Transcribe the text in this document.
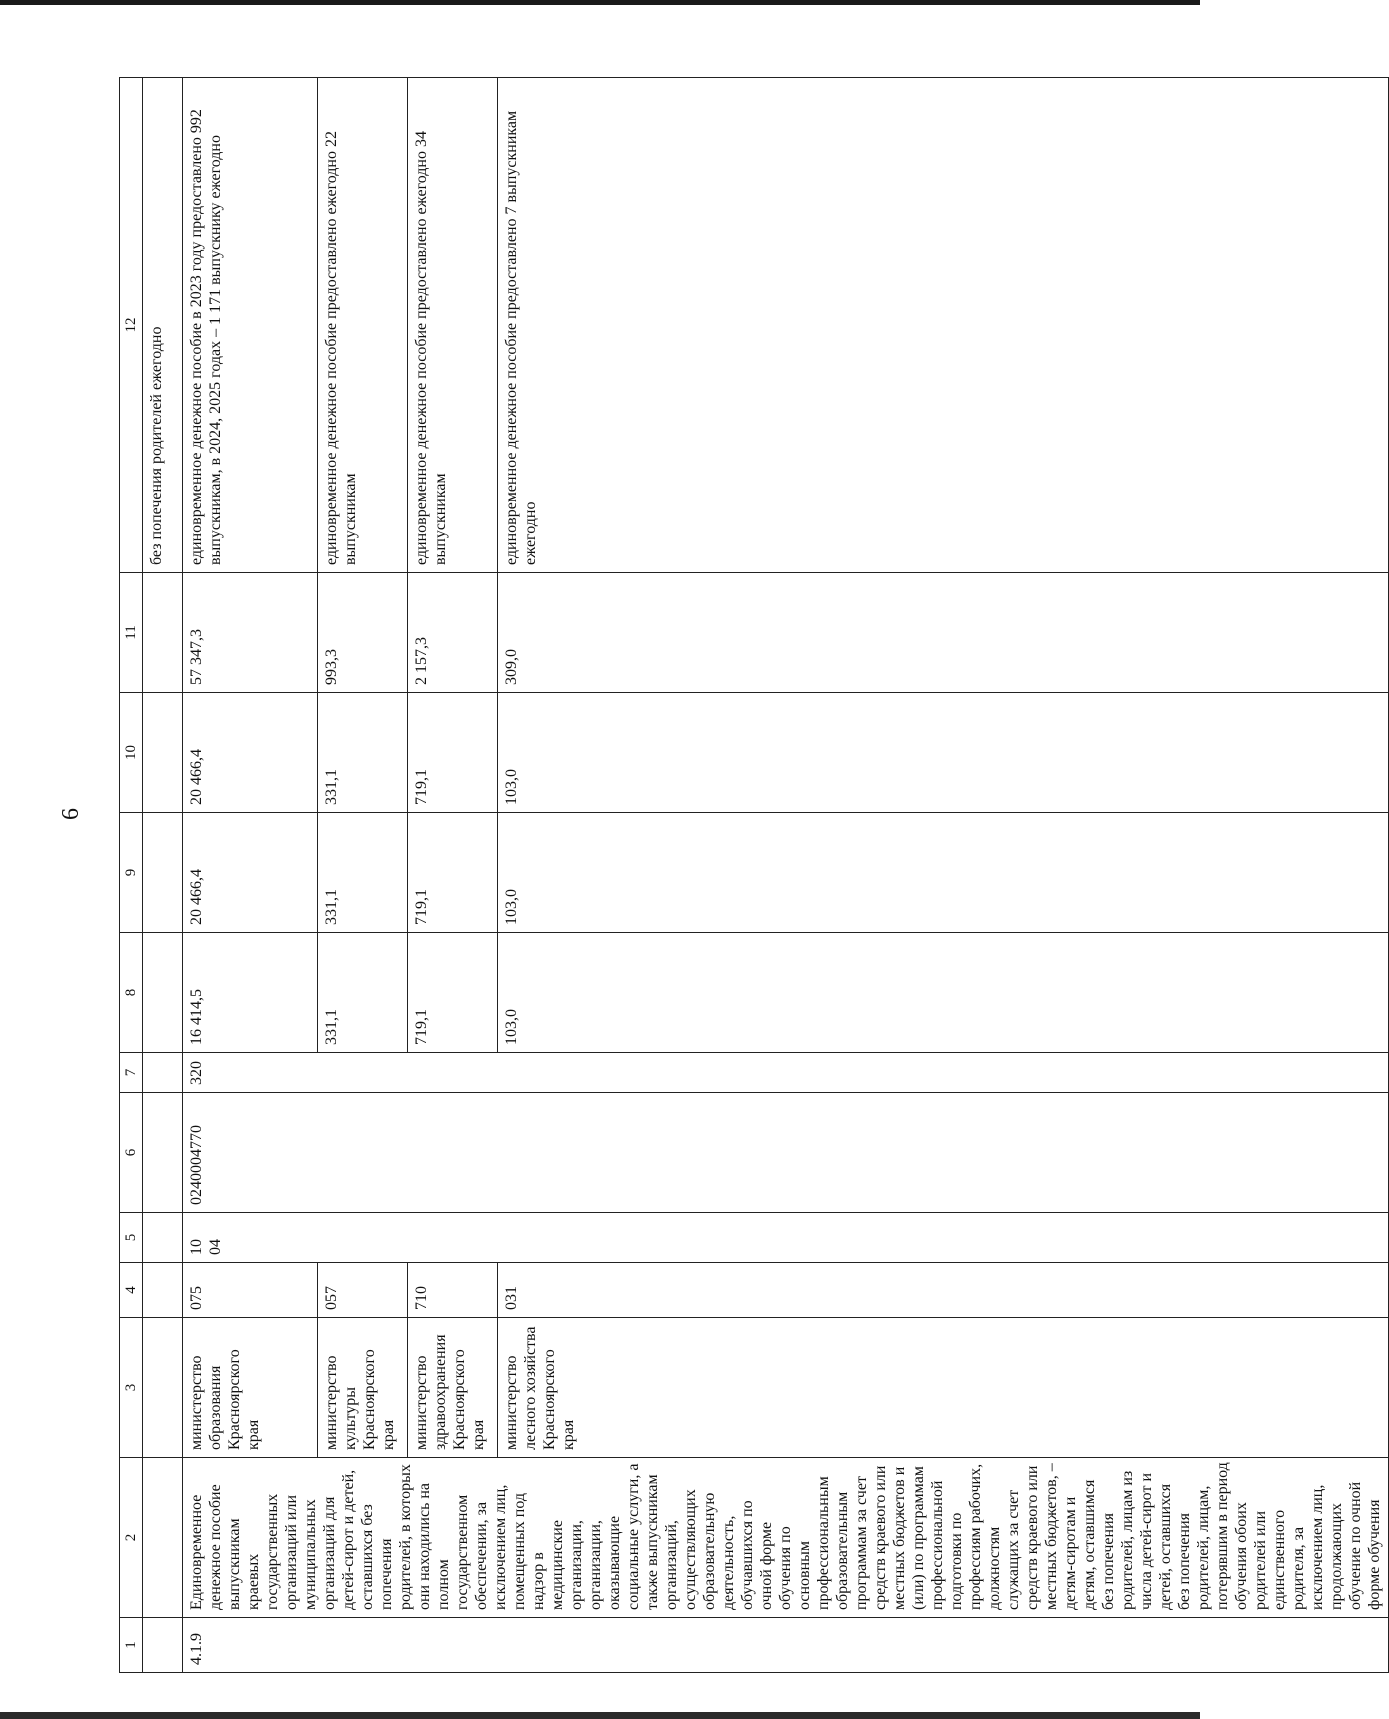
6
1	2	3	4	5	6	7	8	9	10	11	12
											без попечения родителей ежегодно
4.1.9	Единовременное денежное пособие выпускникам краевых государственных организаций или муниципальных организаций для детей-сирот и детей, оставшихся без попечения родителей, в которых они находились на полном государственном обеспечении, за исключением лиц, помещенных под надзор в медицинские организации, организации, оказывающие социальные услуги, а также выпускникам организаций, осуществляющих образовательную деятельность, обучавшихся по очной форме обучения по основным профессиональным образовательным программам за счет средств краевого или местных бюджетов и (или) по программам профессиональной подготовки по профессиям рабочих, должностям служащих за счет средств краевого или местных бюджетов, – детям-сиротам и детям, оставшимся без попечения родителей, лицам из числа детей-сирот и детей, оставшихся без попечения родителей, лицам, потерявшим в период обучения обоих родителей или единственного родителя, за исключением лиц, продолжающих обучение по очной форме обучения	министерство образования Красноярского края	075	10 04	0240004770	320	16 414,5	20 466,4	20 466,4	57 347,3	единовременное денежное пособие в 2023 году предоставлено 992 выпускникам, в 2024, 2025 годах – 1 171 выпускнику ежегодно
		министерство культуры Красноярского края	057				331,1	331,1	331,1	993,3	единовременное денежное пособие предоставлено ежегодно 22 выпускникам
		министерство здравоохранения Красноярского края	710				719,1	719,1	719,1	2 157,3	единовременное денежное пособие предоставлено ежегодно 34 выпускникам
		министерство лесного хозяйства Красноярского края	031				103,0	103,0	103,0	309,0	единовременное денежное пособие предоставлено 7 выпускникам ежегодно
